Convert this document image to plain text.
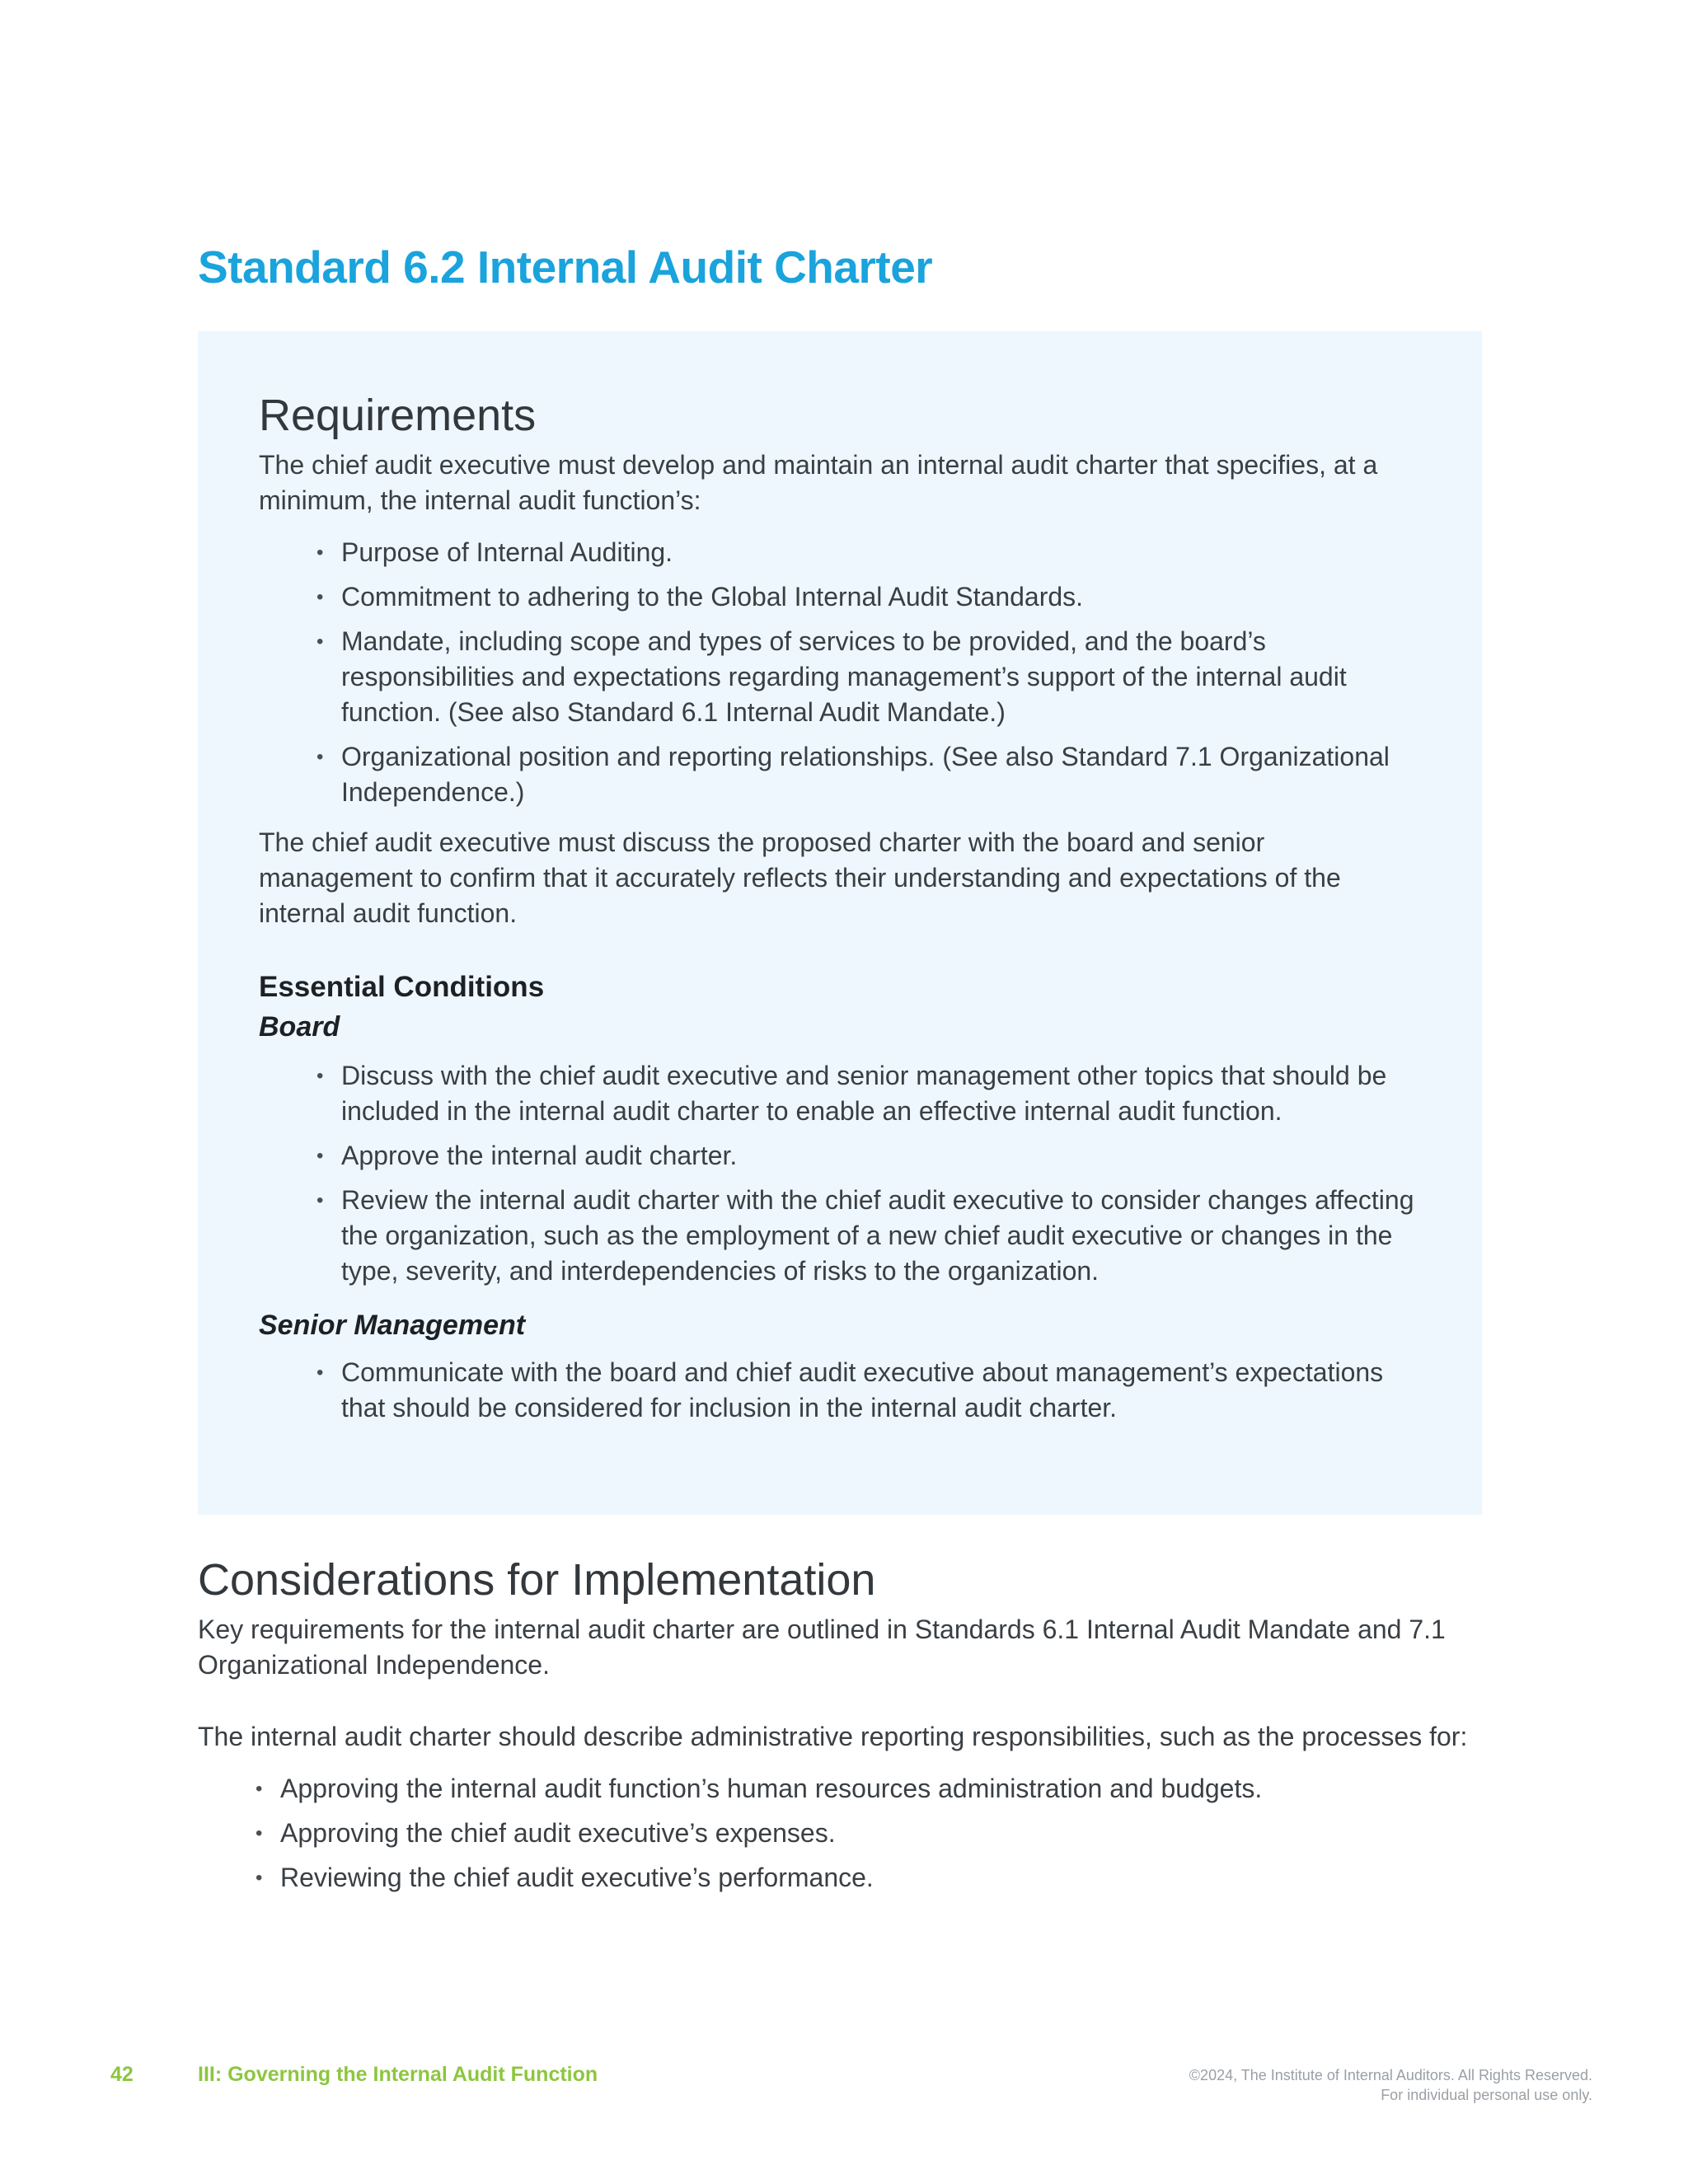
Standard 6.2 Internal Audit Charter
Requirements

The chief audit executive must develop and maintain an internal audit charter that specifies, at a minimum, the internal audit function’s:

• Purpose of Internal Auditing.
• Commitment to adhering to the Global Internal Audit Standards.
• Mandate, including scope and types of services to be provided, and the board’s responsibilities and expectations regarding management’s support of the internal audit function. (See also Standard 6.1 Internal Audit Mandate.)
• Organizational position and reporting relationships. (See also Standard 7.1 Organizational Independence.)

The chief audit executive must discuss the proposed charter with the board and senior management to confirm that it accurately reflects their understanding and expectations of the internal audit function.

Essential Conditions
Board
• Discuss with the chief audit executive and senior management other topics that should be included in the internal audit charter to enable an effective internal audit function.
• Approve the internal audit charter.
• Review the internal audit charter with the chief audit executive to consider changes affecting the organization, such as the employment of a new chief audit executive or changes in the type, severity, and interdependencies of risks to the organization.
Senior Management
• Communicate with the board and chief audit executive about management’s expectations that should be considered for inclusion in the internal audit charter.
Considerations for Implementation

Key requirements for the internal audit charter are outlined in Standards 6.1 Internal Audit Mandate and 7.1 Organizational Independence.

The internal audit charter should describe administrative reporting responsibilities, such as the processes for:

• Approving the internal audit function’s human resources administration and budgets.
• Approving the chief audit executive’s expenses.
• Reviewing the chief audit executive’s performance.
42	III: Governing the Internal Audit Function	©2024, The Institute of Internal Auditors. All Rights Reserved.
For individual personal use only.
